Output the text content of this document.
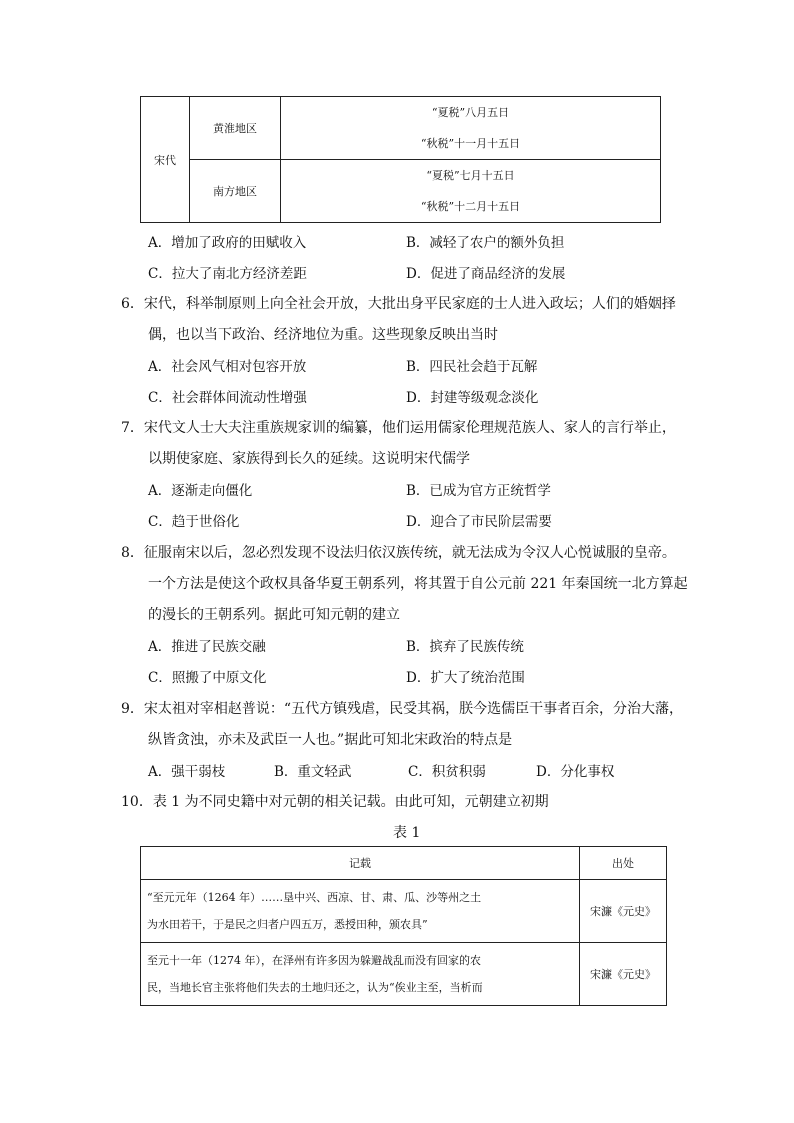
宋代	黄淮地区	“夏税”八月五日
“秋税”十一月十五日

	南方地区	“夏税”七月十五日
“秋税”十二月十五日
A．增加了政府的田赋收入	B．减轻了农户的额外负担
C．拉大了南北方经济差距	D．促进了商品经济的发展
6．宋代，科举制原则上向全社会开放，大批出身平民家庭的士人进入政坛；人们的婚姻择
偶，也以当下政治、经济地位为重。这些现象反映出当时
A．社会风气相对包容开放	B．四民社会趋于瓦解
C．社会群体间流动性增强	D．封建等级观念淡化
7．宋代文人士大夫注重族规家训的编纂，他们运用儒家伦理规范族人、家人的言行举止，
以期使家庭、家族得到长久的延续。这说明宋代儒学
A．逐渐走向僵化	B．已成为官方正统哲学
C．趋于世俗化	D．迎合了市民阶层需要
8．征服南宋以后，忽必烈发现不设法归依汉族传统，就无法成为令汉人心悦诚服的皇帝。
一个方法是使这个政权具备华夏王朝系列，将其置于自公元前 221 年秦国统一北方算起
的漫长的王朝系列。据此可知元朝的建立
A．推进了民族交融	B．摈弃了民族传统
C．照搬了中原文化	D．扩大了统治范围
9．宋太祖对宰相赵普说：“五代方镇残虐，民受其祸，朕今选儒臣干事者百余，分治大藩，
纵皆贪浊，亦未及武臣一人也。”据此可知北宋政治的特点是
A．强干弱枝	B．重文轻武	C．积贫积弱	D．分化事权
10．表 1 为不同史籍中对元朝的相关记载。由此可知，元朝建立初期
表 1
记载	出处

“至元元年（1264 年）……垦中兴、西凉、甘、肃、瓜、沙等州之土

为水田若干，于是民之归者户四五万，悉授田种，颁农具”	宋濂《元史》

至元十一年（1274 年），在泽州有许多因为躲避战乱而没有回家的农

民，当地长官主张将他们失去的土地归还之，认为“俟业主至，当析而	宋濂《元史》
